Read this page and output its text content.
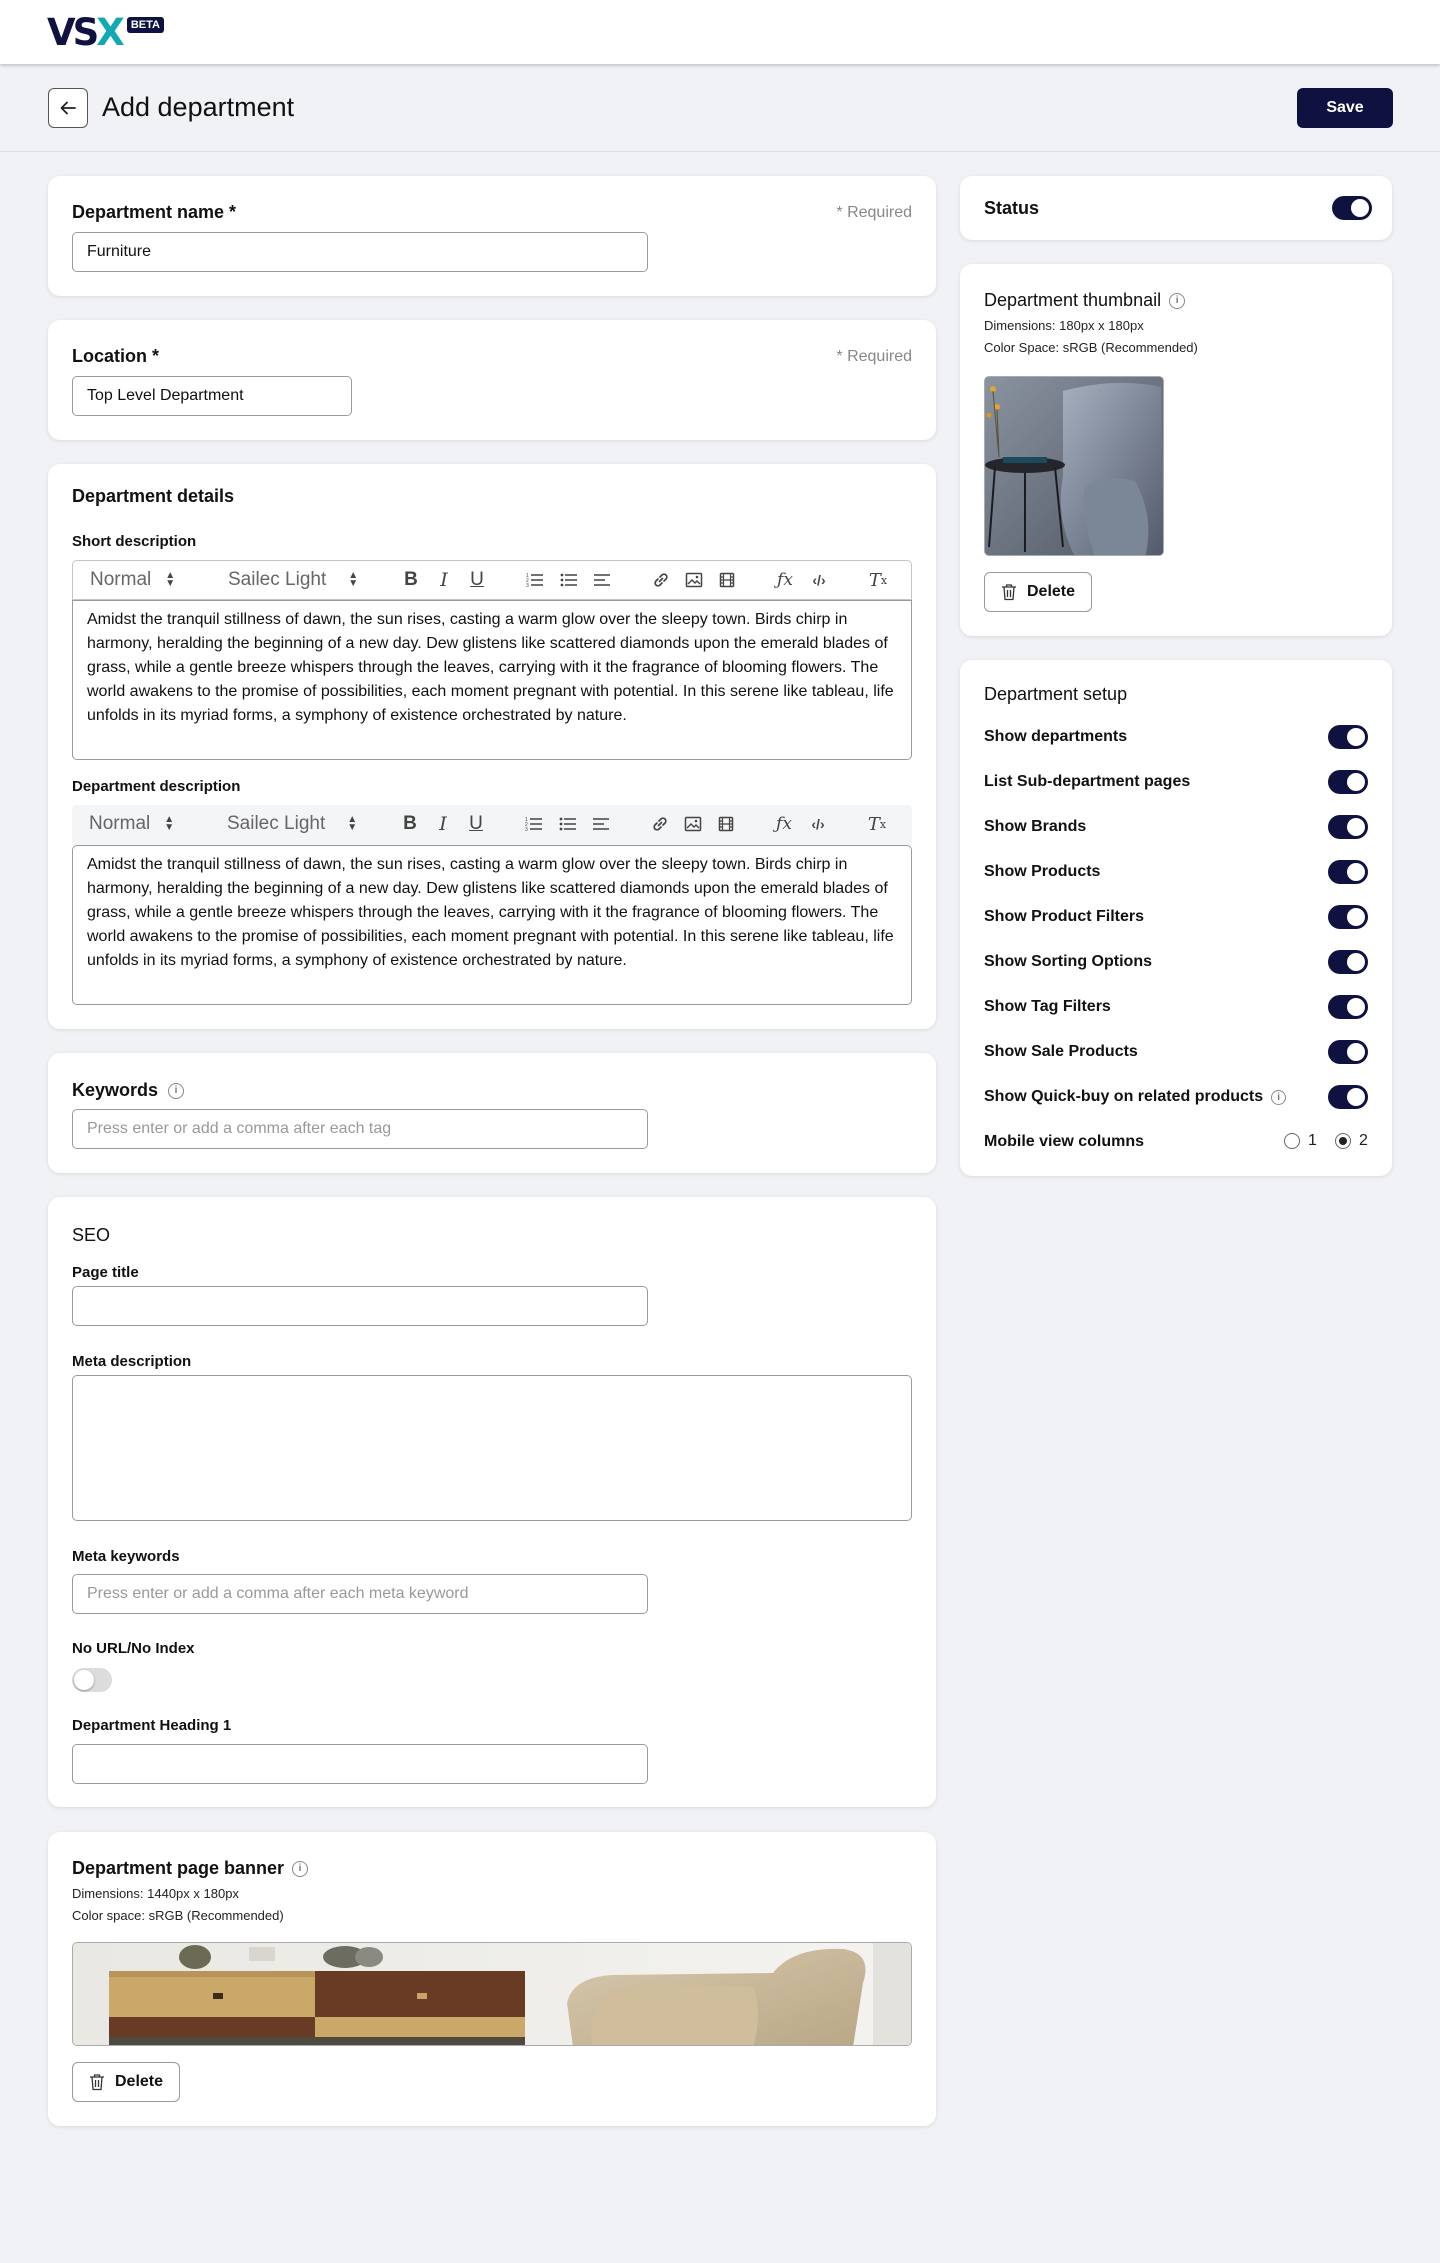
VSX BETA
Add department	Save
Department name *	* Required
Furniture
Location *	* Required
Top Level Department
Department details
Short description
Normal ▲
▼	Sailec Light ▲
▼ B	I	U	1
2
3	ƒx	‹/› T x
Amidst the tranquil stillness of dawn, the sun rises, casting a warm glow over the sleepy town. Birds chirp in harmony, heralding the beginning of a new day. Dew glistens like scattered diamonds upon the emerald blades of grass, while a gentle breeze whispers through the leaves, carrying with it the fragrance of blooming flowers. The world awakens to the promise of possibilities, each moment pregnant with potential. In this serene like tableau, life unfolds in its myriad forms, a symphony of existence orchestrated by nature.
Department description
Normal ▲
▼	Sailec Light ▲
▼ B	I	U	1
2
3	ƒx	‹/› T x
Amidst the tranquil stillness of dawn, the sun rises, casting a warm glow over the sleepy town. Birds chirp in harmony, heralding the beginning of a new day. Dew glistens like scattered diamonds upon the emerald blades of grass, while a gentle breeze whispers through the leaves, carrying with it the fragrance of blooming flowers. The world awakens to the promise of possibilities, each moment pregnant with potential. In this serene like tableau, life unfolds in its myriad forms, a symphony of existence orchestrated by nature.
Keywords	i
Press enter or add a comma after each tag
SEO
Page title
Meta description
Meta keywords
Press enter or add a comma after each meta keyword
No URL/No Index
Department Heading 1
Department page banner	i
Dimensions: 1440px x 180px
Color space: sRGB (Recommended)
Delete
Status
Department thumbnail	i
Dimensions: 180px x 180px
Color Space: sRGB (Recommended)
Delete
Department setup
Show departments
List Sub-department pages
Show Brands
Show Products
Show Product Filters
Show Sorting Options
Show Tag Filters
Show Sale Products
Show Quick-buy on related products	i
Mobile view columns	1	2
